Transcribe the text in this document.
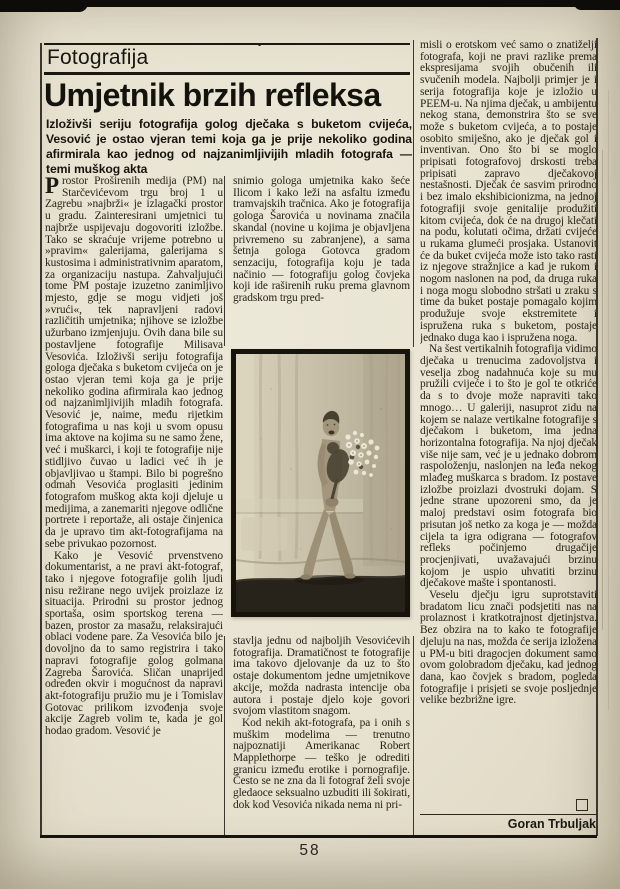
Fotografija
Umjetnik brzih refleksa

Izloživši seriju fotografija golog dječaka s buketom cvijeća, Vesović je ostao vjeran temi koja ga je prije nekoliko godina afirmirala kao jednog od najzanimljivijih mladih fotografa — temi muškog akta

Prostor Proširenih medija (PM) na Starčevićevom trgu broj 1 u Zagrebu »najbrži« je izlagački prostor u gradu. Zainteresirani umjetnici tu najbrže uspijevaju dogovoriti izložbe. Tako se skraćuje vrijeme potrebno u »pravim« galerijama, galerijama s kustosima i administrativnim aparatom, za organizaciju nastupa. Zahvaljujući tome PM postaje izuzetno zanimljivo mjesto, gdje se mogu vidjeti još »vrući«, tek napravljeni radovi različitih umjetnika; njihove se izložbe užurbano izmjenjuju. Ovih dana bile su postavljene fotografije Milisava Vesovića. Izloživši seriju fotografija gologa dječaka s buketom cvijeća on je ostao vjeran temi koja ga je prije nekoliko godina afirmirala kao jednog od najzanimljivijih mladih fotografa. Vesović je, naime, među rijetkim fotografima u nas koji u svom opusu ima aktove na kojima su ne samo žene, već i muškarci, i koji te fotografije nije stidljivo čuvao u ladici već ih je objavljivao u štampi. Bilo bi pogrešno odmah Vesovića proglasiti jedinim fotografom muškog akta koji djeluje u medijima, a zanemariti njegove odlične portrete i reportaže, ali ostaje činjenica da je upravo tim akt-fotografijama na sebe privukao pozornost.

Kako je Vesović prvenstveno dokumentarist, a ne pravi akt-fotograf, tako i njegove fotografije golih ljudi nisu režirane nego uvijek proizlaze iz situacija. Prirodni su prostor jednog sportaša, osim sportskog terena — bazen, prostor za masažu, relaksirajući oblaci vodene pare. Za Vesovića bilo je dovoljno da to samo registrira i tako napravi fotografije golog golmana Zagreba Šarovića. Sličan unaprijed određen okvir i mogućnost da napravi akt-fotografiju pružio mu je i Tomislav Gotovac prilikom izvođenja svoje akcije Zagreb volim te, kada je gol hodao gradom. Vesović je

snimio gologa umjetnika kako šeće Ilicom i kako leži na asfaltu između tramvajskih tračnica. Ako je fotografija gologa Šarovića u novinama značila skandal (novine u kojima je objavljena privremeno su zabranjene), a sama šetnja gologa Gotovca gradom senzaciju, fotografija koju je tada načinio — fotografiju golog čovjeka koji ide raširenih ruku prema glavnom gradskom trgu pred-

stavlja jednu od najboljih Vesovićevih fotografija. Dramatičnost te fotografije ima takovo djelovanje da uz to što ostaje dokumentom jedne umjetnikove akcije, možda nadrasta intencije oba autora i postaje djelo koje govori svojom vlastitom snagom.

Kod nekih akt-fotografa, pa i onih s muškim modelima — trenutno najpoznatiji Amerikanac Robert Mapplethorpe — teško je odrediti granicu između erotike i pornografije. Često se ne zna da li fotograf želi svoje gledaoce seksualno uzbuditi ili šokirati, dok kod Vesovića nikada nema ni pri-

misli o erotskom već samo o znatiželji fotografa, koji ne pravi razlike prema ekspresijama svojih obučenih ili svučenih modela. Najbolji primjer je i serija fotografija koje je izložio u PEEM-u. Na njima dječak, u ambijentu nekog stana, demonstrira što se sve može s buketom cvijeća, a to postaje osobito smiješno, ako je dječak gol i inventivan. Ono što bi se moglo pripisati fotografovoj drskosti treba pripisati zapravo dječakovoj nestašnosti. Dječak će sasvim prirodno i bez imalo ekshibicionizma, na jednoj fotografiji svoje genitalije produžiti kitom cvijeća, dok će na drugoj klečati na podu, kolutati očima, držati cvijeće u rukama glumeći prosjaka. Ustanovit će da buket cvijeća može isto tako rasti iz njegove stražnjice a kad je rukom i nogom naslonen na pod, da druga ruka i noga mogu slobodno stršati u zraku s time da buket postaje pomagalo kojim produžuje svoje ekstremitete i ispružena ruka s buketom, postaje jednako duga kao i ispružena noga.

Na šest vertikalnih fotografija vidimo dječaka u trenucima zadovoljstva i veselja zbog nadahnuća koje su mu pružili cvijeće i to što je gol te otkriće da s to dvoje može napraviti tako mnogo… U galeriji, nasuprot zidu na kojem se nalaze vertikalne fotografije s dječakom i buketom, ima jedna horizontalna fotografija. Na njoj dječak više nije sam, već je u jednako dobrom raspoloženju, naslonjen na leđa nekog mlađeg muškarca s bradom. Iz postave izložbe proizlazi dvostruki dojam. S jedne strane upozoreni smo, da je maloj predstavi osim fotografa bio prisutan još netko za koga je — možda cijela ta igra odigrana — fotografov refleks počinjemo drugačije procjenjivati, uvažavajući brzinu kojom je uspio uhvatiti brzinu dječakove mašte i spontanosti.

Veselu dječju igru suprotstaviti bradatom licu znači podsjetiti nas na prolaznost i kratkotrajnost djetinjstva. Bez obzira na to kako te fotografije djeluju na nas, možda će serija izložena u PM-u biti dragocjen dokument samo ovom golobradom dječaku, kad jednog dana, kao čovjek s bradom, pogleda fotografije i prisjeti se svoje posljednje velike bezbrižne igre.

Goran Trbuljak
58
